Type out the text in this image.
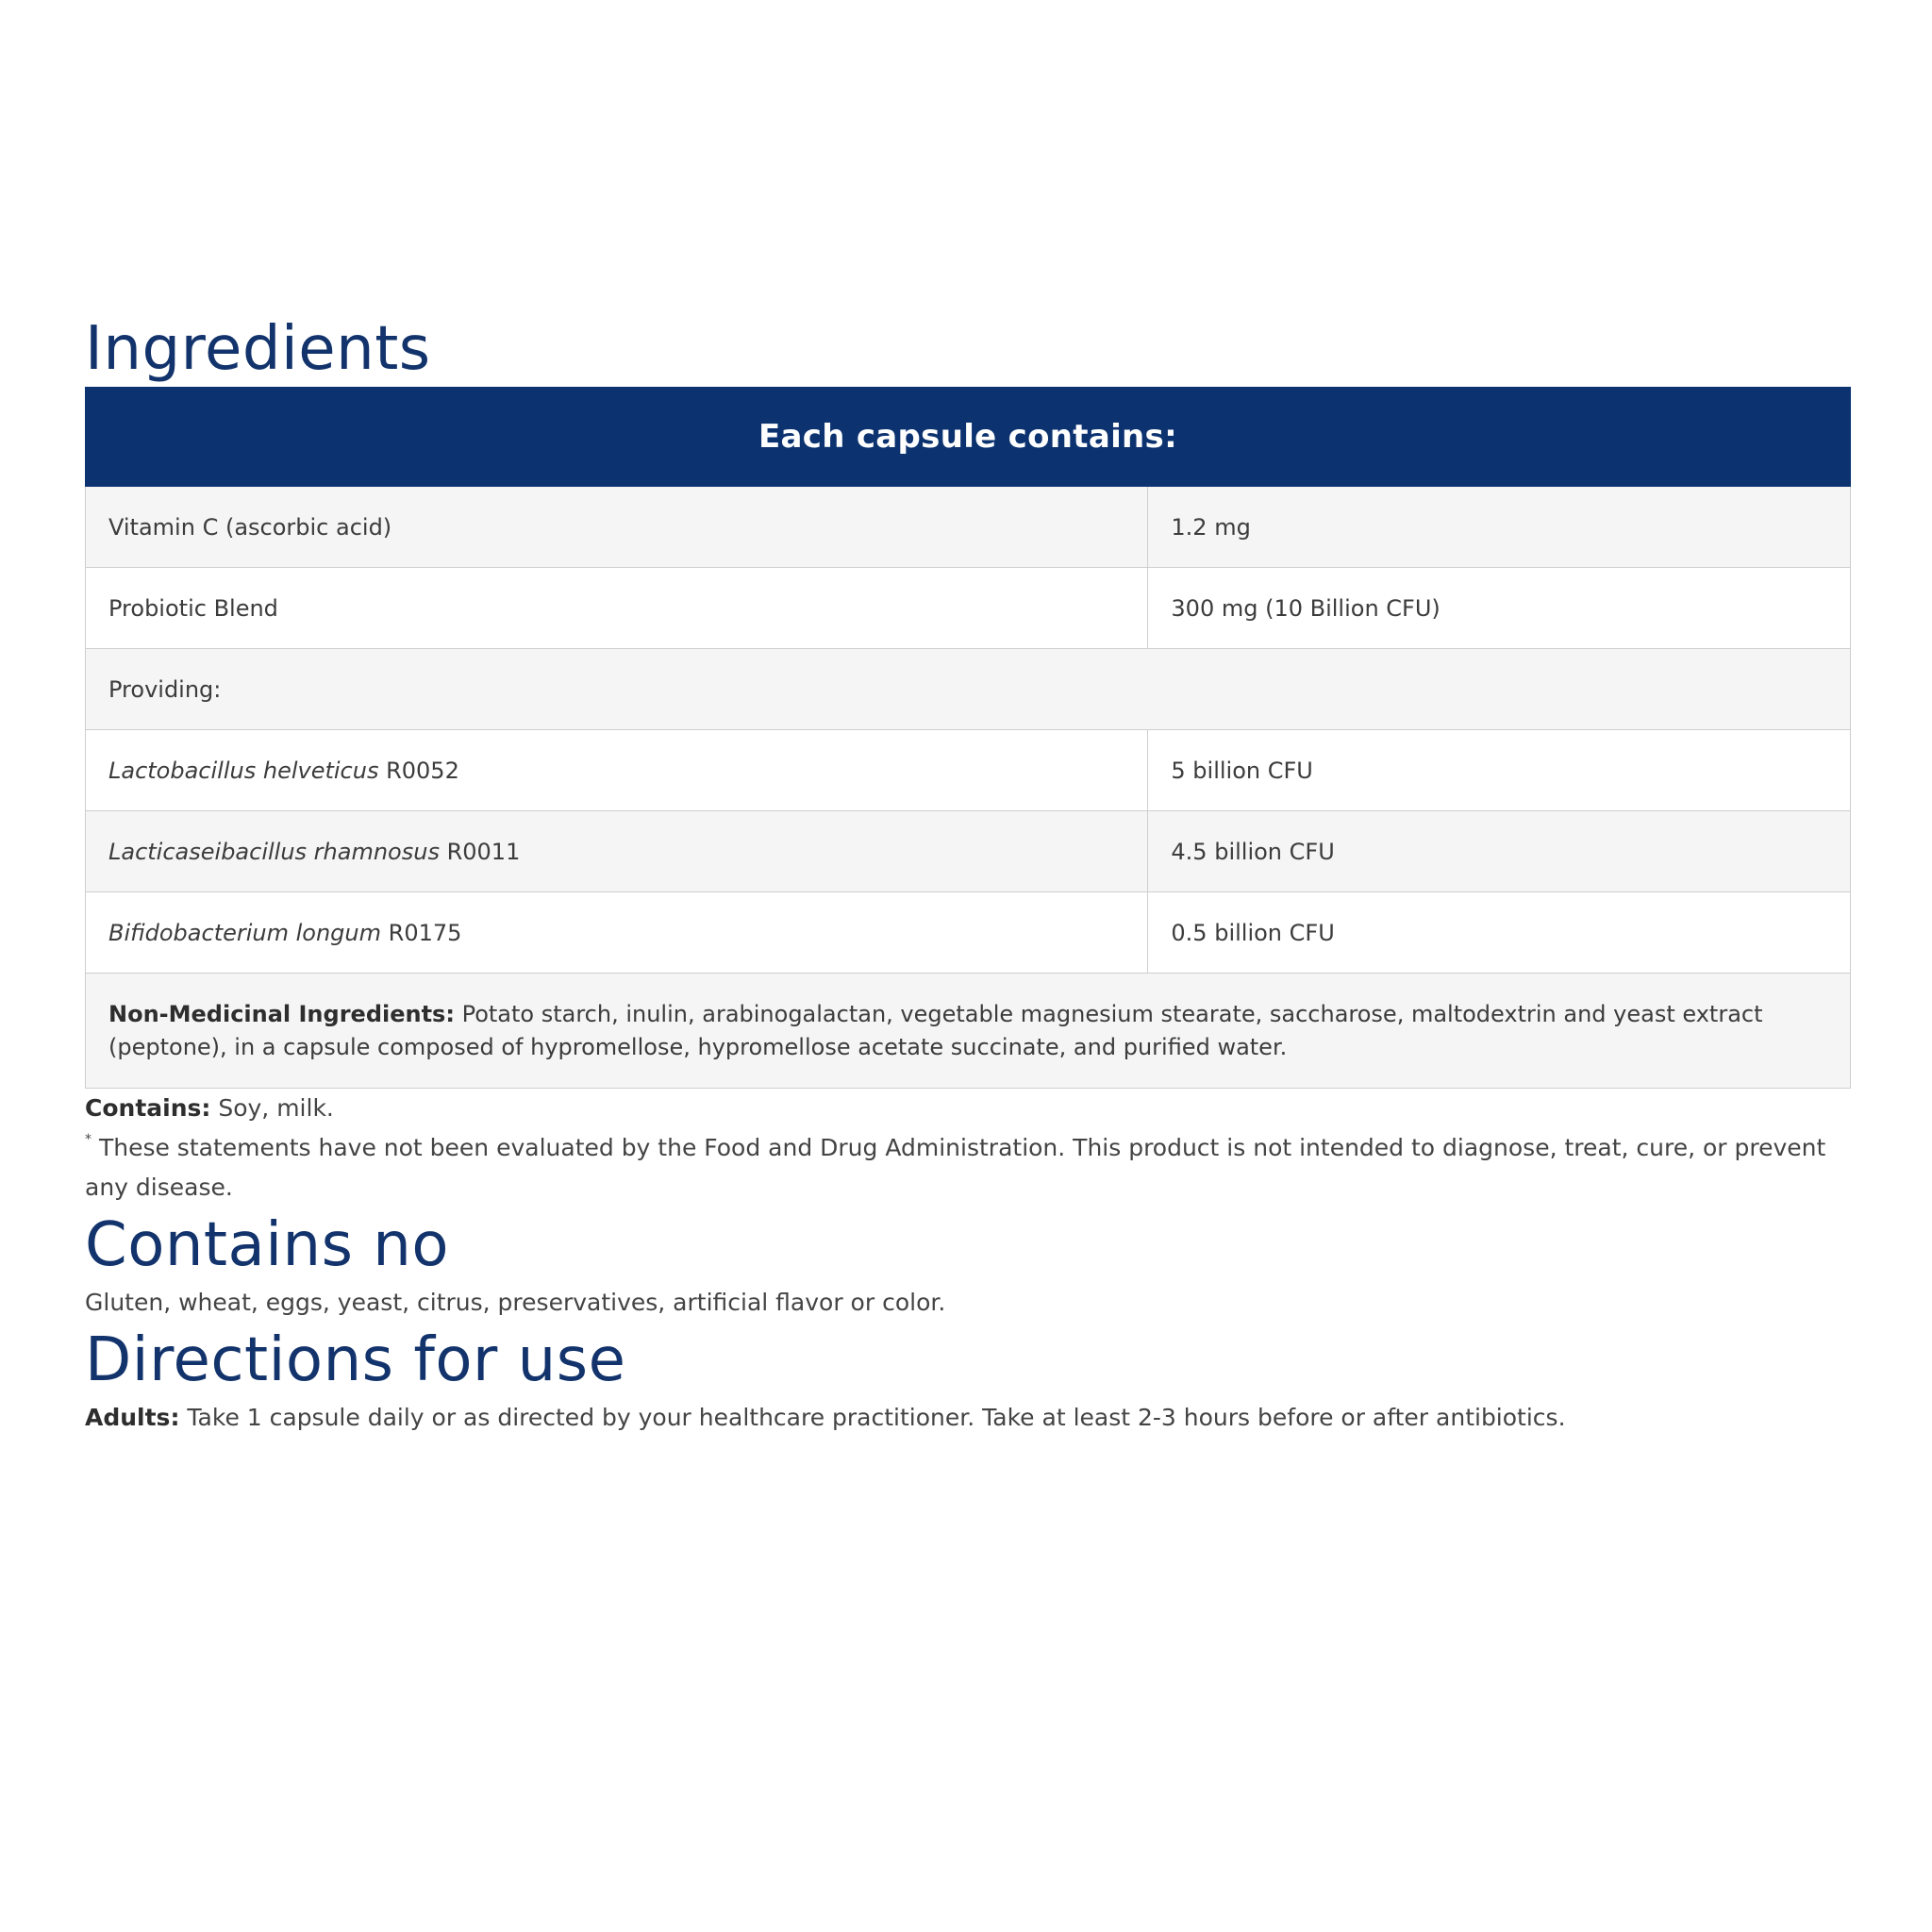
Ingredients
Each capsule contains:	
Vitamin C (ascorbic acid)	1.2 mg
Probiotic Blend	300 mg (10 Billion CFU)
Providing:	
Lactobacillus helveticus R0052	5 billion CFU
Lacticaseibacillus rhamnosus R0011	4.5 billion CFU
Bifidobacterium longum R0175	0.5 billion CFU
Non-Medicinal Ingredients: Potato starch, inulin, arabinogalactan, vegetable magnesium stearate, saccharose, maltodextrin and yeast extract (peptone), in a capsule composed of hypromellose, hypromellose acetate succinate, and purified water.	

Contains: Soy, milk.

* These statements have not been evaluated by the Food and Drug Administration. This product is not intended to diagnose, treat, cure, or prevent any disease.

Contains no

Gluten, wheat, eggs, yeast, citrus, preservatives, artificial flavor or color.

Directions for use

Adults: Take 1 capsule daily or as directed by your healthcare practitioner. Take at least 2-3 hours before or after antibiotics.
